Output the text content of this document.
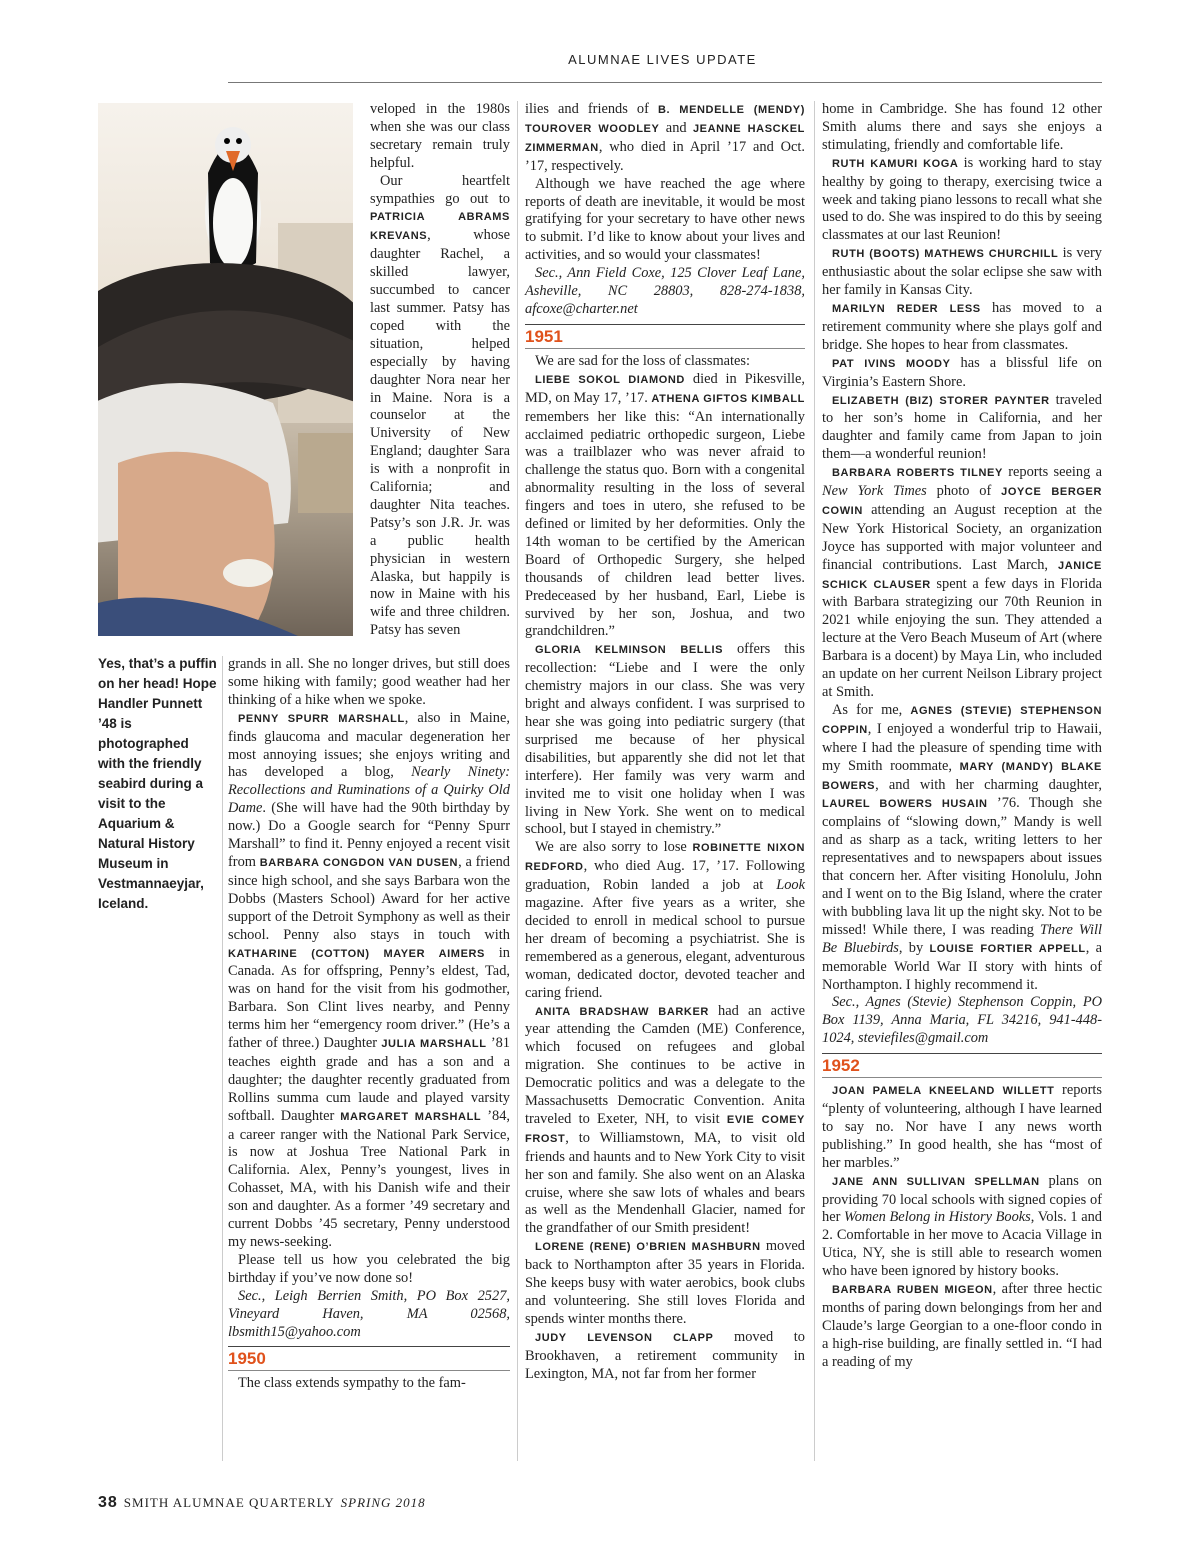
ALUMNAE LIVES UPDATE
Yes, that’s a puffin on her head! Hope Handler Punnett ’48 is photographed with the friendly seabird during a visit to the Aquarium & Natural History Museum in Vestmannaeyjar, Iceland.

veloped in the 1980s when she was our class secretary remain truly helpful.

Our heartfelt sympathies go out to PATRICIA ABRAMS KREVANS, whose daughter Rachel, a skilled lawyer, succumbed to cancer last summer. Patsy has coped with the situation, helped especially by having daughter Nora near her in Maine. Nora is a counselor at the University of New England; daughter Sara is with a nonprofit in California; and daughter Nita teaches. Patsy’s son J.R. Jr. was a public health physician in western Alaska, but happily is now in Maine with his wife and three children. Patsy has seven

grands in all. She no longer drives, but still does some hiking with family; good weather had her thinking of a hike when we spoke.

PENNY SPURR MARSHALL, also in Maine, finds glaucoma and macular degeneration her most annoying issues; she enjoys writing and has developed a blog, Nearly Ninety: Recollections and Ruminations of a Quirky Old Dame. (She will have had the 90th birthday by now.) Do a Google search for “Penny Spurr Marshall” to find it. Penny enjoyed a recent visit from BARBARA CONGDON VAN DUSEN, a friend since high school, and she says Barbara won the Dobbs (Masters School) Award for her active support of the Detroit Symphony as well as their school. Penny also stays in touch with KATHARINE (COTTON) MAYER AIMERS in Canada. As for offspring, Penny’s eldest, Tad, was on hand for the visit from his godmother, Barbara. Son Clint lives nearby, and Penny terms him her “emergency room driver.” (He’s a father of three.) Daughter JULIA MARSHALL ’81 teaches eighth grade and has a son and a daughter; the daughter recently graduated from Rollins summa cum laude and played varsity softball. Daughter MARGARET MARSHALL ’84, a career ranger with the National Park Service, is now at Joshua Tree National Park in California. Alex, Penny’s youngest, lives in Cohasset, MA, with his Danish wife and their son and daughter. As a former ’49 secretary and current Dobbs ’45 secretary, Penny understood my news-seeking.

Please tell us how you celebrated the big birthday if you’ve now done so!

Sec., Leigh Berrien Smith, PO Box 2527, Vineyard Haven, MA 02568, lbsmith15@yahoo.com

1950

The class extends sympathy to the fam-

ilies and friends of B. MENDELLE (MENDY) TOUROVER WOODLEY and JEANNE HASCKEL ZIMMERMAN, who died in April ’17 and Oct. ’17, respectively.

Although we have reached the age where reports of death are inevitable, it would be most gratifying for your secretary to have other news to submit. I’d like to know about your lives and activities, and so would your classmates!

Sec., Ann Field Coxe, 125 Clover Leaf Lane, Asheville, NC 28803, 828-274-1838, afcoxe@charter.net

1951

We are sad for the loss of classmates:

LIEBE SOKOL DIAMOND died in Pikesville, MD, on May 17, ’17. ATHENA GIFTOS KIMBALL remembers her like this: “An internationally acclaimed pediatric orthopedic surgeon, Liebe was a trailblazer who was never afraid to challenge the status quo. Born with a congenital abnormality resulting in the loss of several fingers and toes in utero, she refused to be defined or limited by her deformities. Only the 14th woman to be certified by the American Board of Orthopedic Surgery, she helped thousands of children lead better lives. Predeceased by her husband, Earl, Liebe is survived by her son, Joshua, and two grandchildren.”

GLORIA KELMINSON BELLIS offers this recollection: “Liebe and I were the only chemistry majors in our class. She was very bright and always confident. I was surprised to hear she was going into pediatric surgery (that surprised me because of her physical disabilities, but apparently she did not let that interfere). Her family was very warm and invited me to visit one holiday when I was living in New York. She went on to medical school, but I stayed in chemistry.”

We are also sorry to lose ROBINETTE NIXON REDFORD, who died Aug. 17, ’17. Following graduation, Robin landed a job at Look magazine. After five years as a writer, she decided to enroll in medical school to pursue her dream of becoming a psychiatrist. She is remembered as a generous, elegant, adventurous woman, dedicated doctor, devoted teacher and caring friend.

ANITA BRADSHAW BARKER had an active year attending the Camden (ME) Conference, which focused on refugees and global migration. She continues to be active in Democratic politics and was a delegate to the Massachusetts Democratic Convention. Anita traveled to Exeter, NH, to visit EVIE COMEY FROST, to Williamstown, MA, to visit old friends and haunts and to New York City to visit her son and family. She also went on an Alaska cruise, where she saw lots of whales and bears as well as the Mendenhall Glacier, named for the grandfather of our Smith president!

LORENE (RENE) O’BRIEN MASHBURN moved back to Northampton after 35 years in Florida. She keeps busy with water aerobics, book clubs and volunteering. She still loves Florida and spends winter months there.

JUDY LEVENSON CLAPP moved to Brookhaven, a retirement community in Lexington, MA, not far from her former

home in Cambridge. She has found 12 other Smith alums there and says she enjoys a stimulating, friendly and comfortable life.

RUTH KAMURI KOGA is working hard to stay healthy by going to therapy, exercising twice a week and taking piano lessons to recall what she used to do. She was inspired to do this by seeing classmates at our last Reunion!

RUTH (BOOTS) MATHEWS CHURCHILL is very enthusiastic about the solar eclipse she saw with her family in Kansas City.

MARILYN REDER LESS has moved to a retirement community where she plays golf and bridge. She hopes to hear from classmates.

PAT IVINS MOODY has a blissful life on Virginia’s Eastern Shore.

ELIZABETH (BIZ) STORER PAYNTER traveled to her son’s home in California, and her daughter and family came from Japan to join them—a wonderful reunion!

BARBARA ROBERTS TILNEY reports seeing a New York Times photo of JOYCE BERGER COWIN attending an August reception at the New York Historical Society, an organization Joyce has supported with major volunteer and financial contributions. Last March, JANICE SCHICK CLAUSER spent a few days in Florida with Barbara strategizing our 70th Reunion in 2021 while enjoying the sun. They attended a lecture at the Vero Beach Museum of Art (where Barbara is a docent) by Maya Lin, who included an update on her current Neilson Library project at Smith.

As for me, AGNES (STEVIE) STEPHENSON COPPIN, I enjoyed a wonderful trip to Hawaii, where I had the pleasure of spending time with my Smith roommate, MARY (MANDY) BLAKE BOWERS, and with her charming daughter, LAUREL BOWERS HUSAIN ’76. Though she complains of “slowing down,” Mandy is well and as sharp as a tack, writing letters to her representatives and to newspapers about issues that concern her. After visiting Honolulu, John and I went on to the Big Island, where the crater with bubbling lava lit up the night sky. Not to be missed! While there, I was reading There Will Be Bluebirds, by LOUISE FORTIER APPELL, a memorable World War II story with hints of Northampton. I highly recommend it.

Sec., Agnes (Stevie) Stephenson Coppin, PO Box 1139, Anna Maria, FL 34216, 941-448-1024, steviefiles@gmail.com

1952

JOAN PAMELA KNEELAND WILLETT reports “plenty of volunteering, although I have learned to say no. Nor have I any news worth publishing.” In good health, she has “most of her marbles.”

JANE ANN SULLIVAN SPELLMAN plans on providing 70 local schools with signed copies of her Women Belong in History Books, Vols. 1 and 2. Comfortable in her move to Acacia Village in Utica, NY, she is still able to research women who have been ignored by history books.

BARBARA RUBEN MIGEON, after three hectic months of paring down belongings from her and Claude’s large Georgian to a one-floor condo in a high-rise building, are finally settled in. “I had a reading of my

38 SMITH ALUMNAE QUARTERLY SPRING 2018
